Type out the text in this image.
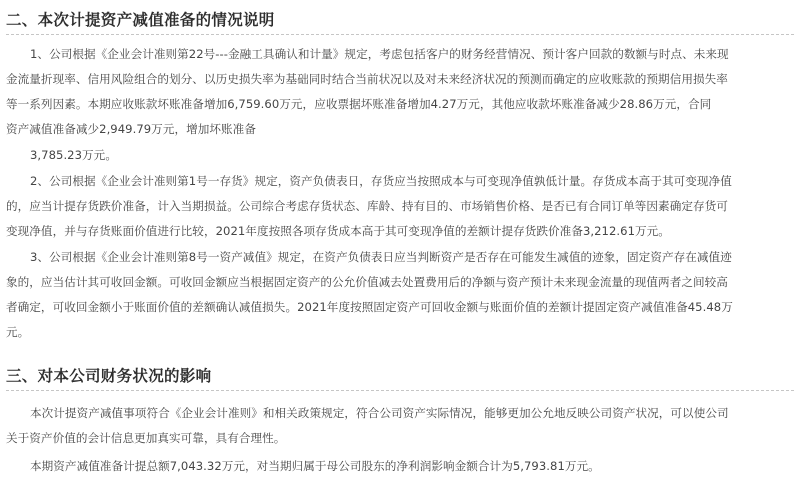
二、本次计提资产减值准备的情况说明
1、公司根据《企业会计准则第22号---金融工具确认和计量》规定，考虑包括客户的财务经营情况、预计客户回款的数额与时点、未来现
金流量折现率、信用风险组合的划分、以历史损失率为基础同时结合当前状况以及对未来经济状况的预测而确定的应收账款的预期信用损失率
等一系列因素。本期应收账款坏账准备增加6,759.60万元，应收票据坏账准备增加4.27万元，其他应收款坏账准备减少28.86万元，合同
资产减值准备减少2,949.79万元，增加坏账准备
3,785.23万元。
2、公司根据《企业会计准则第1号一存货》规定，资产负债表日，存货应当按照成本与可变现净值孰低计量。存货成本高于其可变现净值
的，应当计提存货跌价准备，计入当期损益。公司综合考虑存货状态、库龄、持有目的、市场销售价格、是否已有合同订单等因素确定存货可
变现净值，并与存货账面价值进行比较，2021年度按照各项存货成本高于其可变现净值的差额计提存货跌价准备3,212.61万元。
3、公司根据《企业会计准则第8号一资产减值》规定，在资产负债表日应当判断资产是否存在可能发生减值的迹象，固定资产存在减值迹
象的，应当估计其可收回金额。可收回金额应当根据固定资产的公允价值减去处置费用后的净额与资产预计未来现金流量的现值两者之间较高
者确定，可收回金额小于账面价值的差额确认减值损失。2021年度按照固定资产可回收金额与账面价值的差额计提固定资产减值准备45.48万
元。
三、对本公司财务状况的影响
本次计提资产减值事项符合《企业会计准则》和相关政策规定，符合公司资产实际情况，能够更加公允地反映公司资产状况，可以使公司
关于资产价值的会计信息更加真实可靠，具有合理性。
本期资产减值准备计提总额7,043.32万元，对当期归属于母公司股东的净利润影响金额合计为5,793.81万元。
